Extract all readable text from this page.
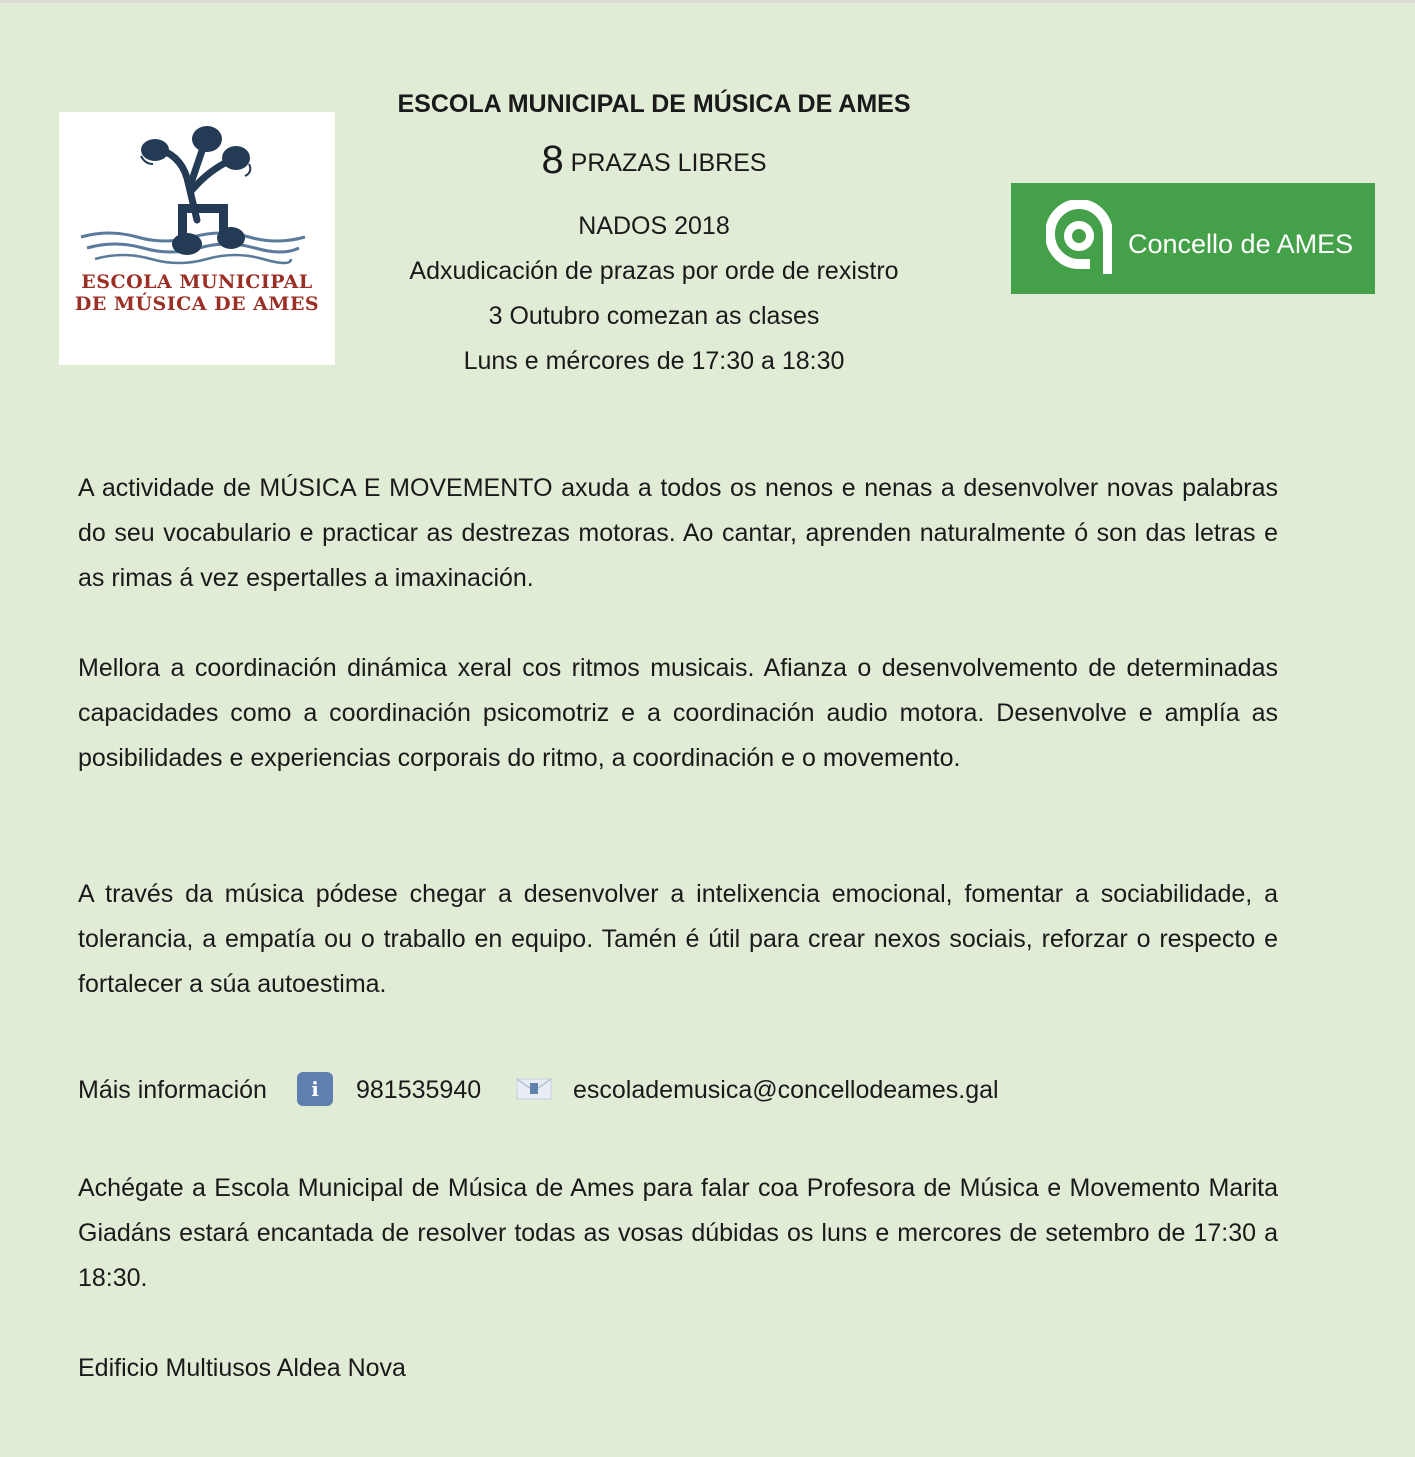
ESCOLA MUNICIPAL
DE MÚSICA DE AMES
Concello de AMES
ESCOLA MUNICIPAL DE MÚSICA DE AMES
8 PRAZAS LIBRES
NADOS 2018
Adxudicación de prazas por orde de rexistro
3 Outubro comezan as clases
Luns e mércores de 17:30 a 18:30

A actividade de MÚSICA E MOVEMENTO axuda a todos os nenos e nenas a desenvolver novas palabras do seu vocabulario e practicar as destrezas motoras. Ao cantar, aprenden naturalmente ó son das letras e as rimas á vez espertalles a imaxinación.

Mellora a coordinación dinámica xeral cos ritmos musicais. Afianza o desenvolvemento de determinadas capacidades como a coordinación psicomotriz e a coordinación audio motora. Desenvolve e amplía as posibilidades e experiencias corporais do ritmo, a coordinación e o movemento.

A través da música pódese chegar a desenvolver a intelixencia emocional, fomentar a sociabilidade, a tolerancia, a empatía ou o traballo en equipo. Tamén é útil para crear nexos sociais, reforzar o respecto e fortalecer a súa autoestima.

Máis información	i	981535940	escolademusica@concellodeames.gal

Achégate a Escola Municipal de Música de Ames para falar coa Profesora de Música e Movemento Marita Giadáns estará encantada de resolver todas as vosas dúbidas os luns e mercores de setembro de 17:30 a 18:30.

Edificio Multiusos Aldea Nova
